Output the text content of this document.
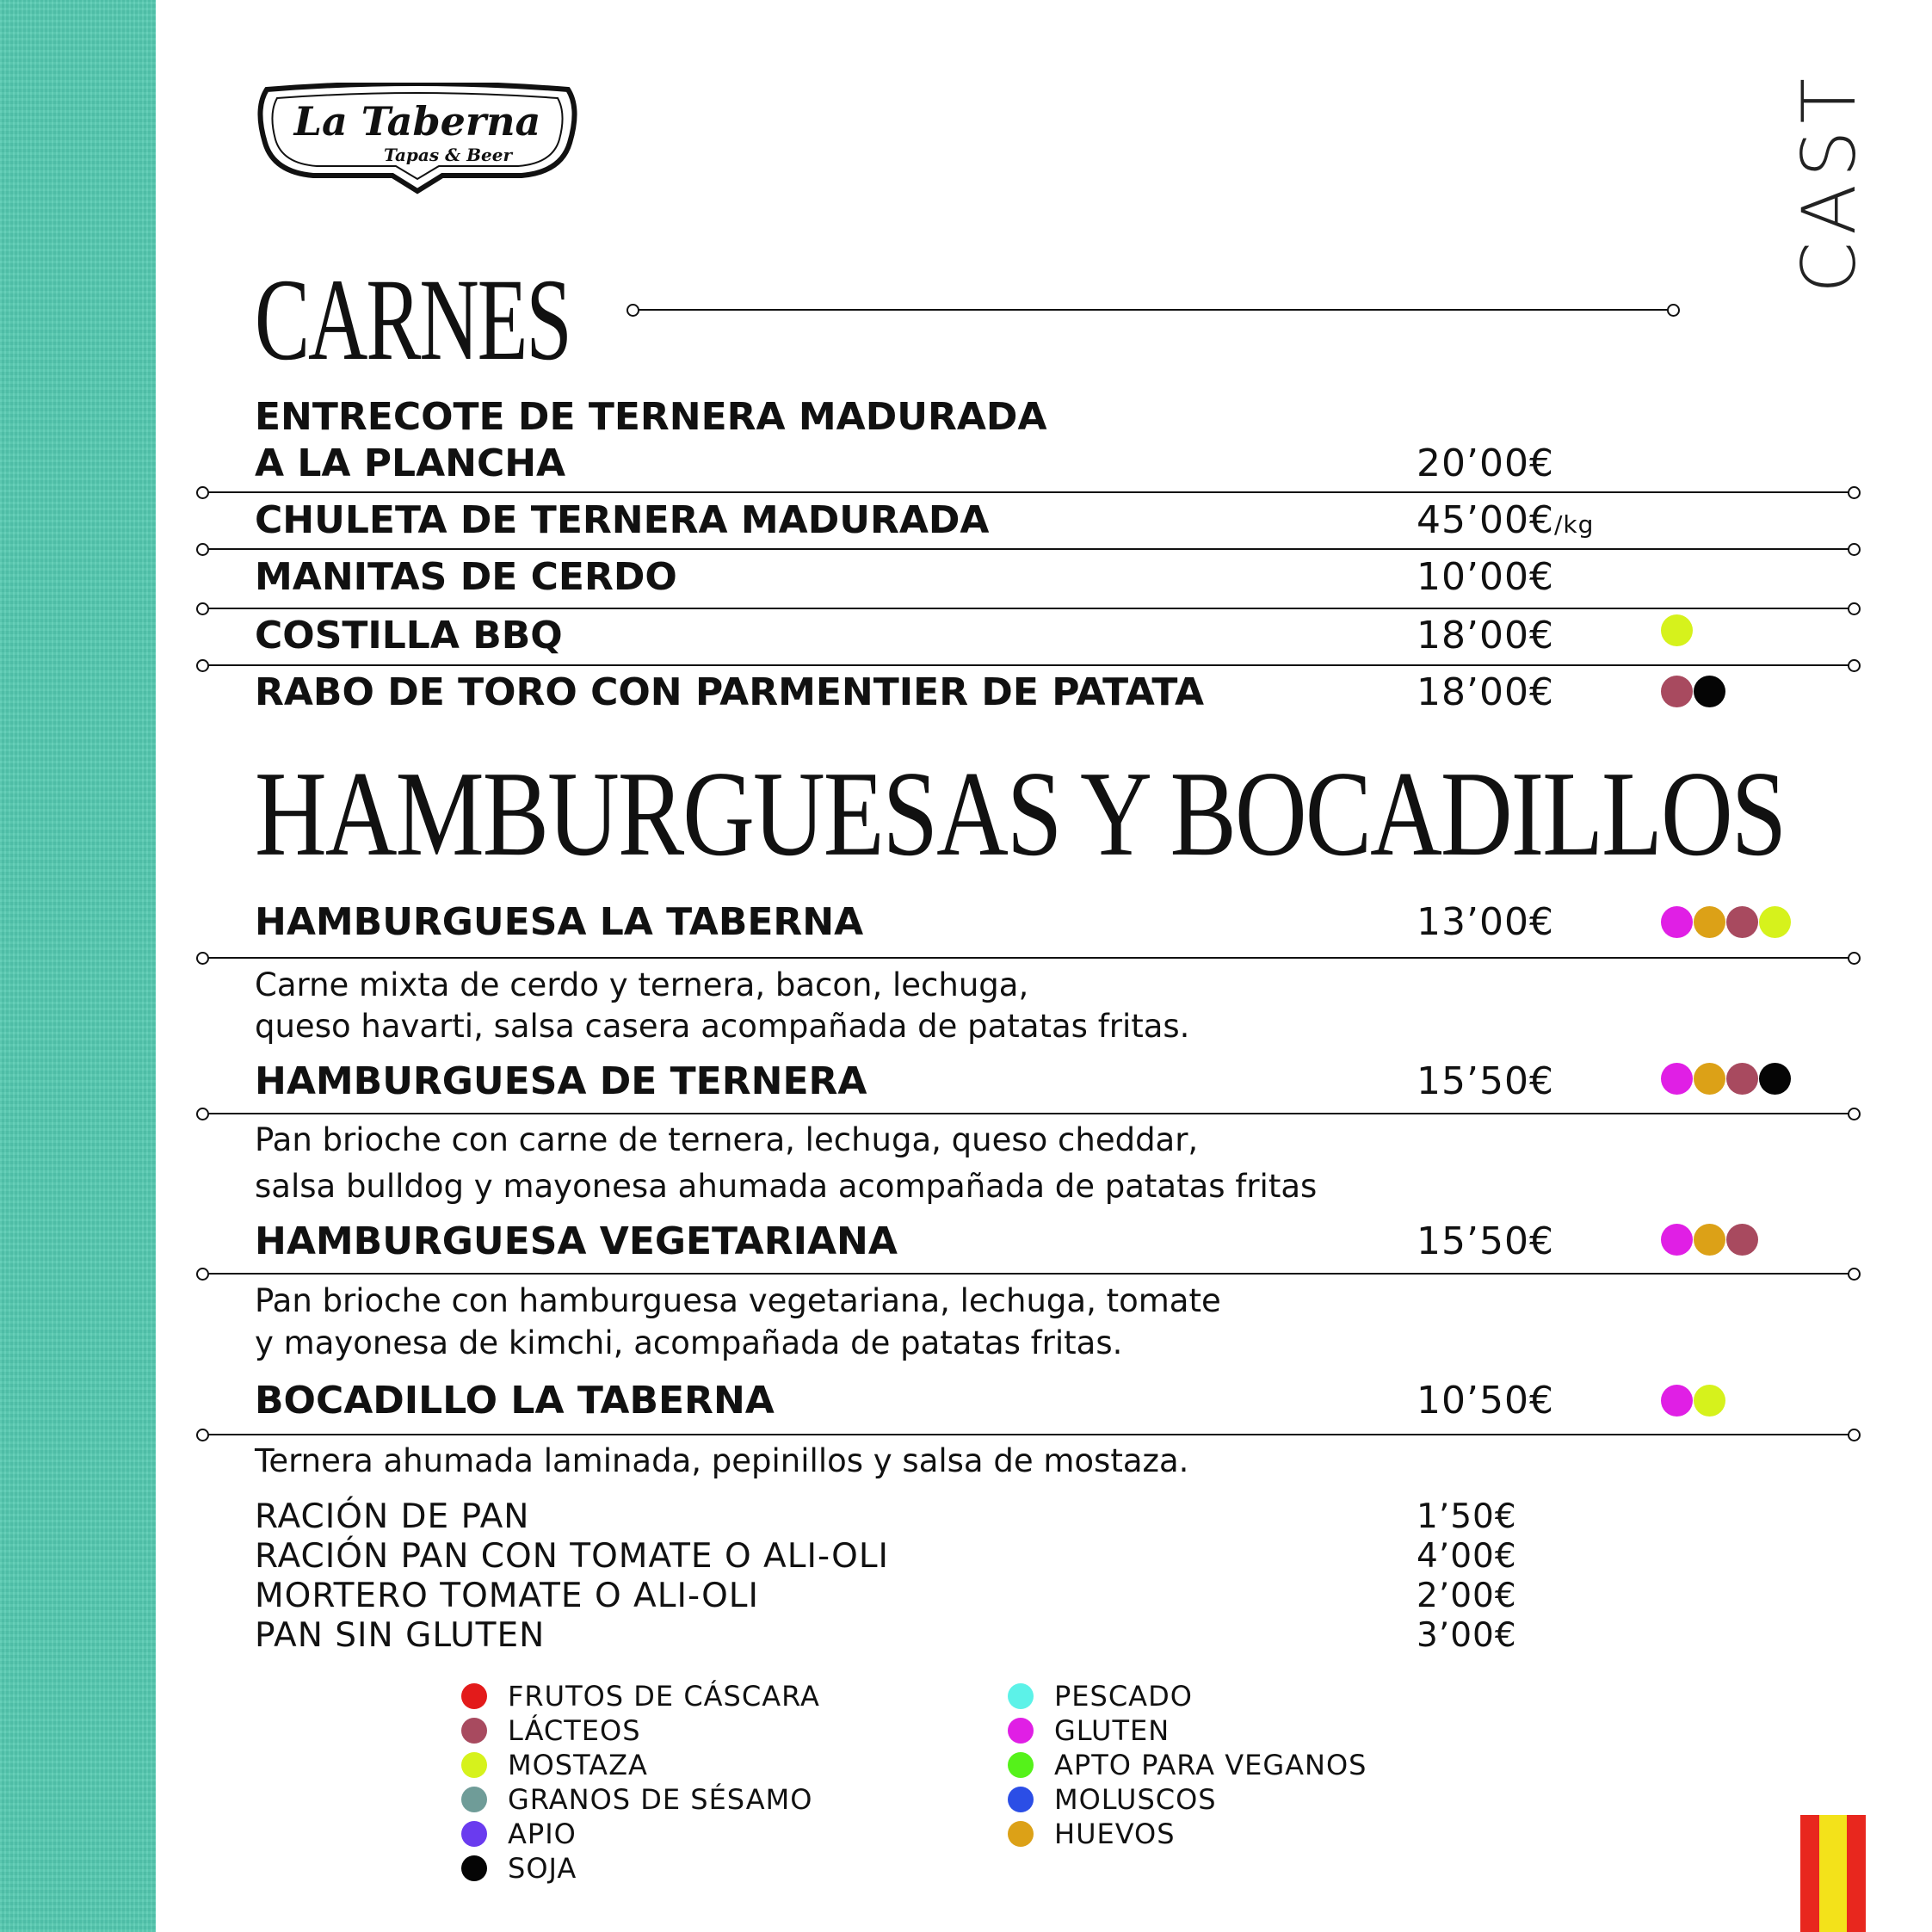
La Taberna
Tapas & Beer	CAST
CARNES
ENTRECOTE DE TERNERA MADURADA
A LA PLANCHA	20’00€
CHULETA DE TERNERA MADURADA	45’00€/kg
MANITAS DE CERDO	10’00€
COSTILLA BBQ	18’00€
RABO DE TORO CON PARMENTIER DE PATATA	18’00€
HAMBURGUESAS Y BOCADILLOS
HAMBURGUESA LA TABERNA	13’00€
Carne mixta de cerdo y ternera, bacon, lechuga,
queso havarti, salsa casera acompañada de patatas fritas.
HAMBURGUESA DE TERNERA	15’50€
Pan brioche con carne de ternera, lechuga, queso cheddar,
salsa bulldog y mayonesa ahumada acompañada de patatas fritas
HAMBURGUESA VEGETARIANA	15’50€
Pan brioche con hamburguesa vegetariana, lechuga, tomate
y mayonesa de kimchi, acompañada de patatas fritas.
BOCADILLO LA TABERNA	10’50€
Ternera ahumada laminada, pepinillos y salsa de mostaza.
RACIÓN DE PAN	1’50€
RACIÓN PAN CON TOMATE O ALI-OLI	4’00€
MORTERO TOMATE O ALI-OLI	2’00€
PAN SIN GLUTEN	3’00€
FRUTOS DE CÁSCARA
LÁCTEOS
MOSTAZA
GRANOS DE SÉSAMO
APIO
SOJA
PESCADO
GLUTEN
APTO PARA VEGANOS
MOLUSCOS
HUEVOS
